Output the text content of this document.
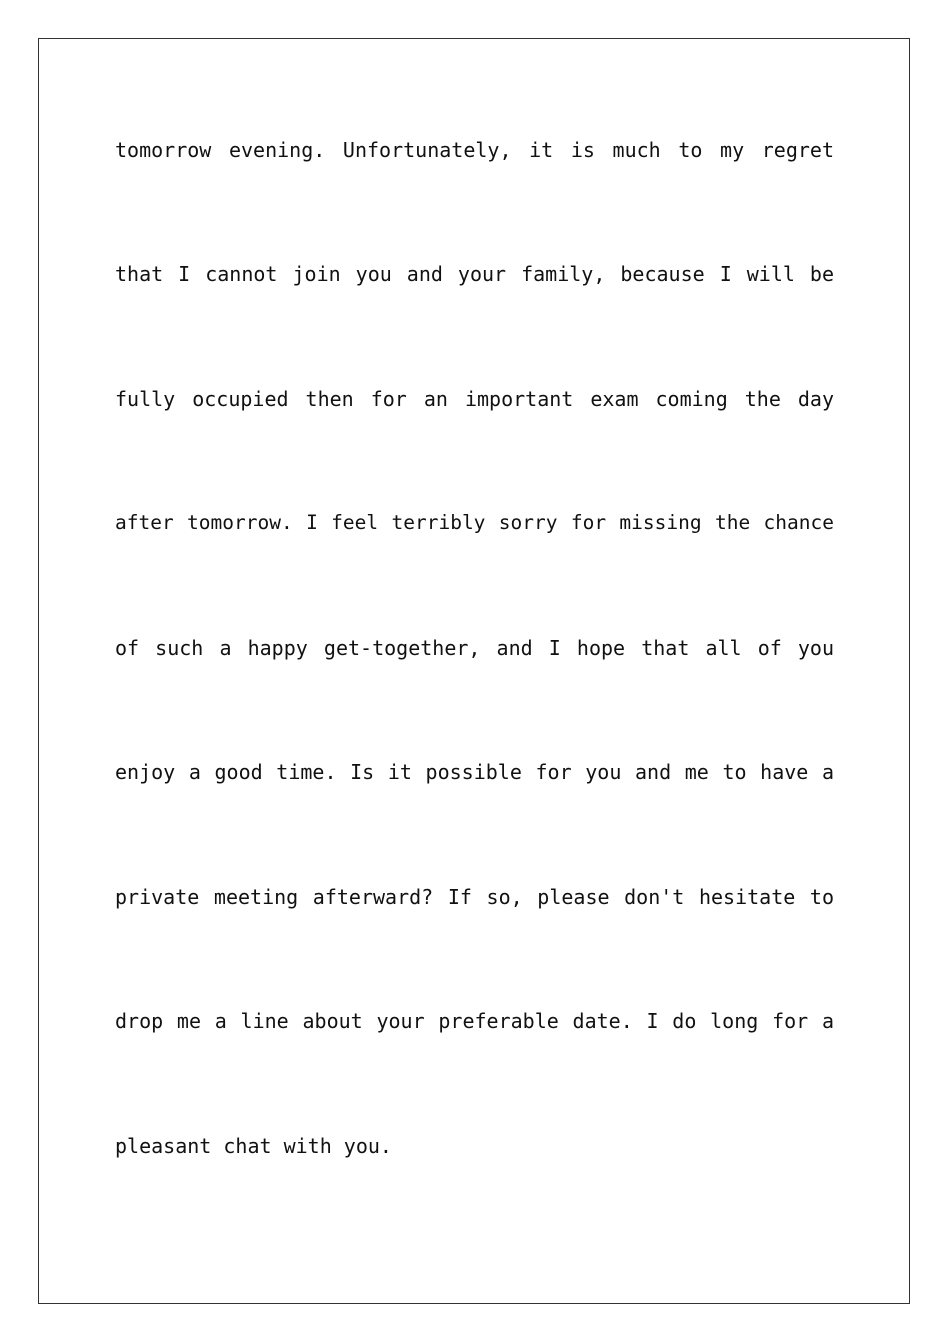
tomorrow evening. Unfortunately, it is much to my regret
that I cannot join you and your family, because I will be
fully occupied then for an important exam coming the day
after tomorrow. I feel terribly sorry for missing the chance
of such a happy get-together, and I hope that all of you
enjoy a good time. Is it possible for you and me to have a
private meeting afterward? If so, please don't hesitate to
drop me a line about your preferable date. I do long for a
pleasant chat with you.
